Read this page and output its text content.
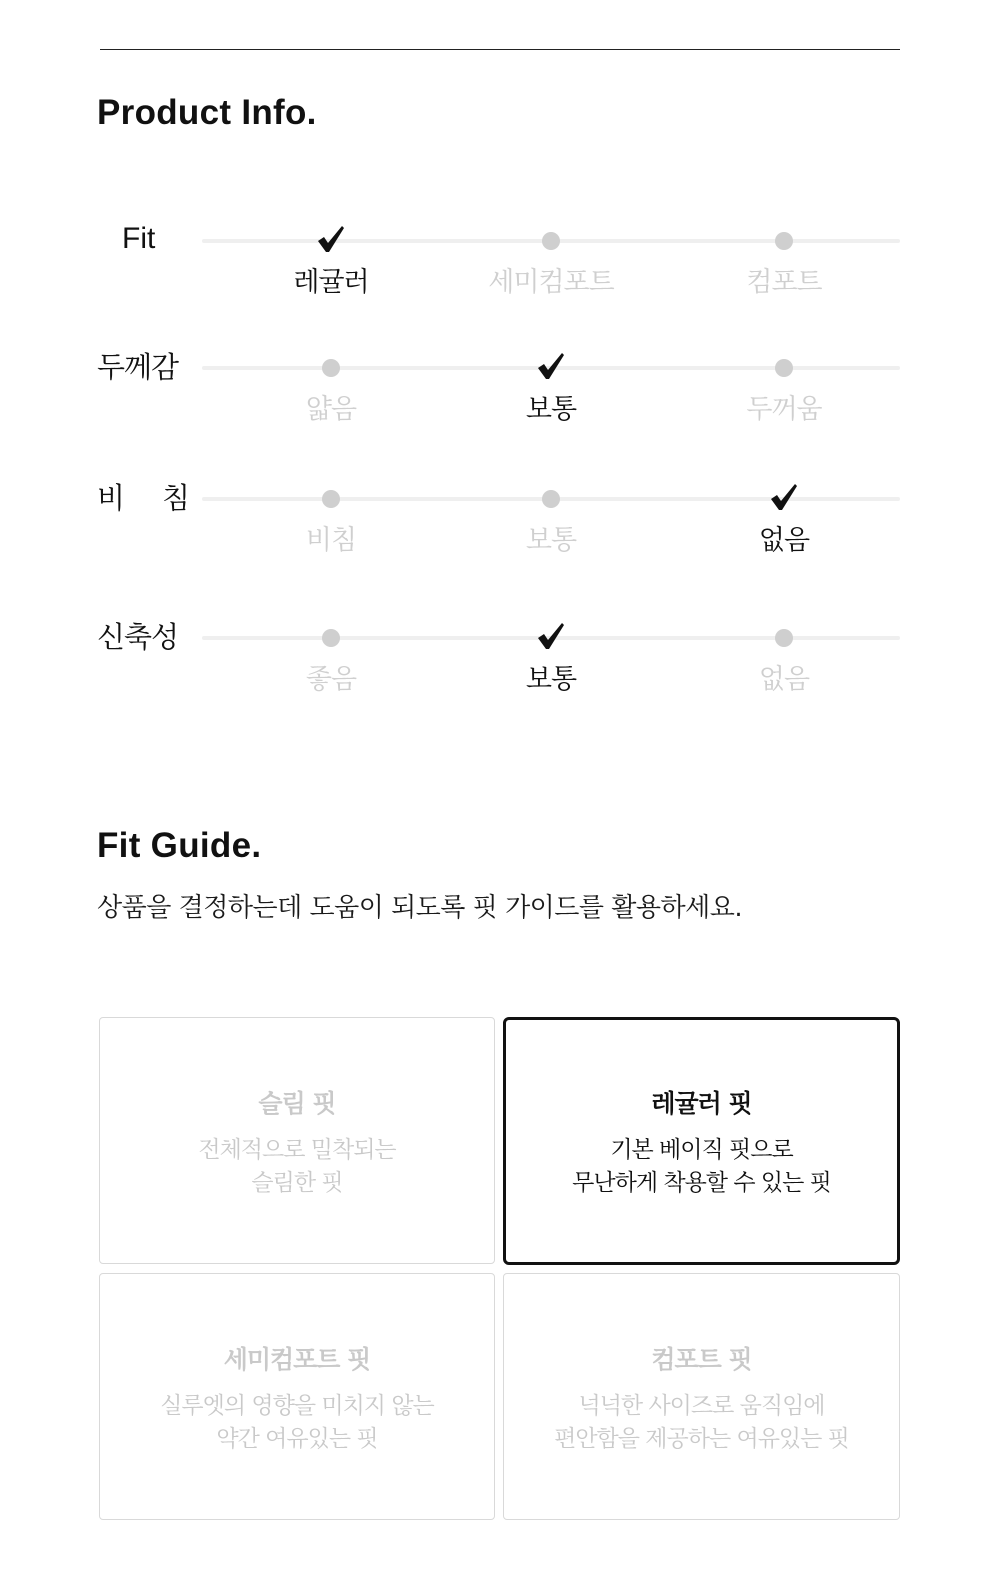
Product Info.
Fit
레귤러	세미컴포트	컴포트
두께감
얇음	보통	두꺼움
비 침
비침	보통	없음
신축성
좋음	보통	없음
Fit Guide.
상품을 결정하는데 도움이 되도록 핏 가이드를 활용하세요.
슬림 핏
전체적으로 밀착되는
슬림한 핏
레귤러 핏
기본 베이직 핏으로
무난하게 착용할 수 있는 핏
세미컴포트 핏
실루엣의 영향을 미치지 않는
약간 여유있는 핏
컴포트 핏
넉넉한 사이즈로 움직임에
편안함을 제공하는 여유있는 핏
